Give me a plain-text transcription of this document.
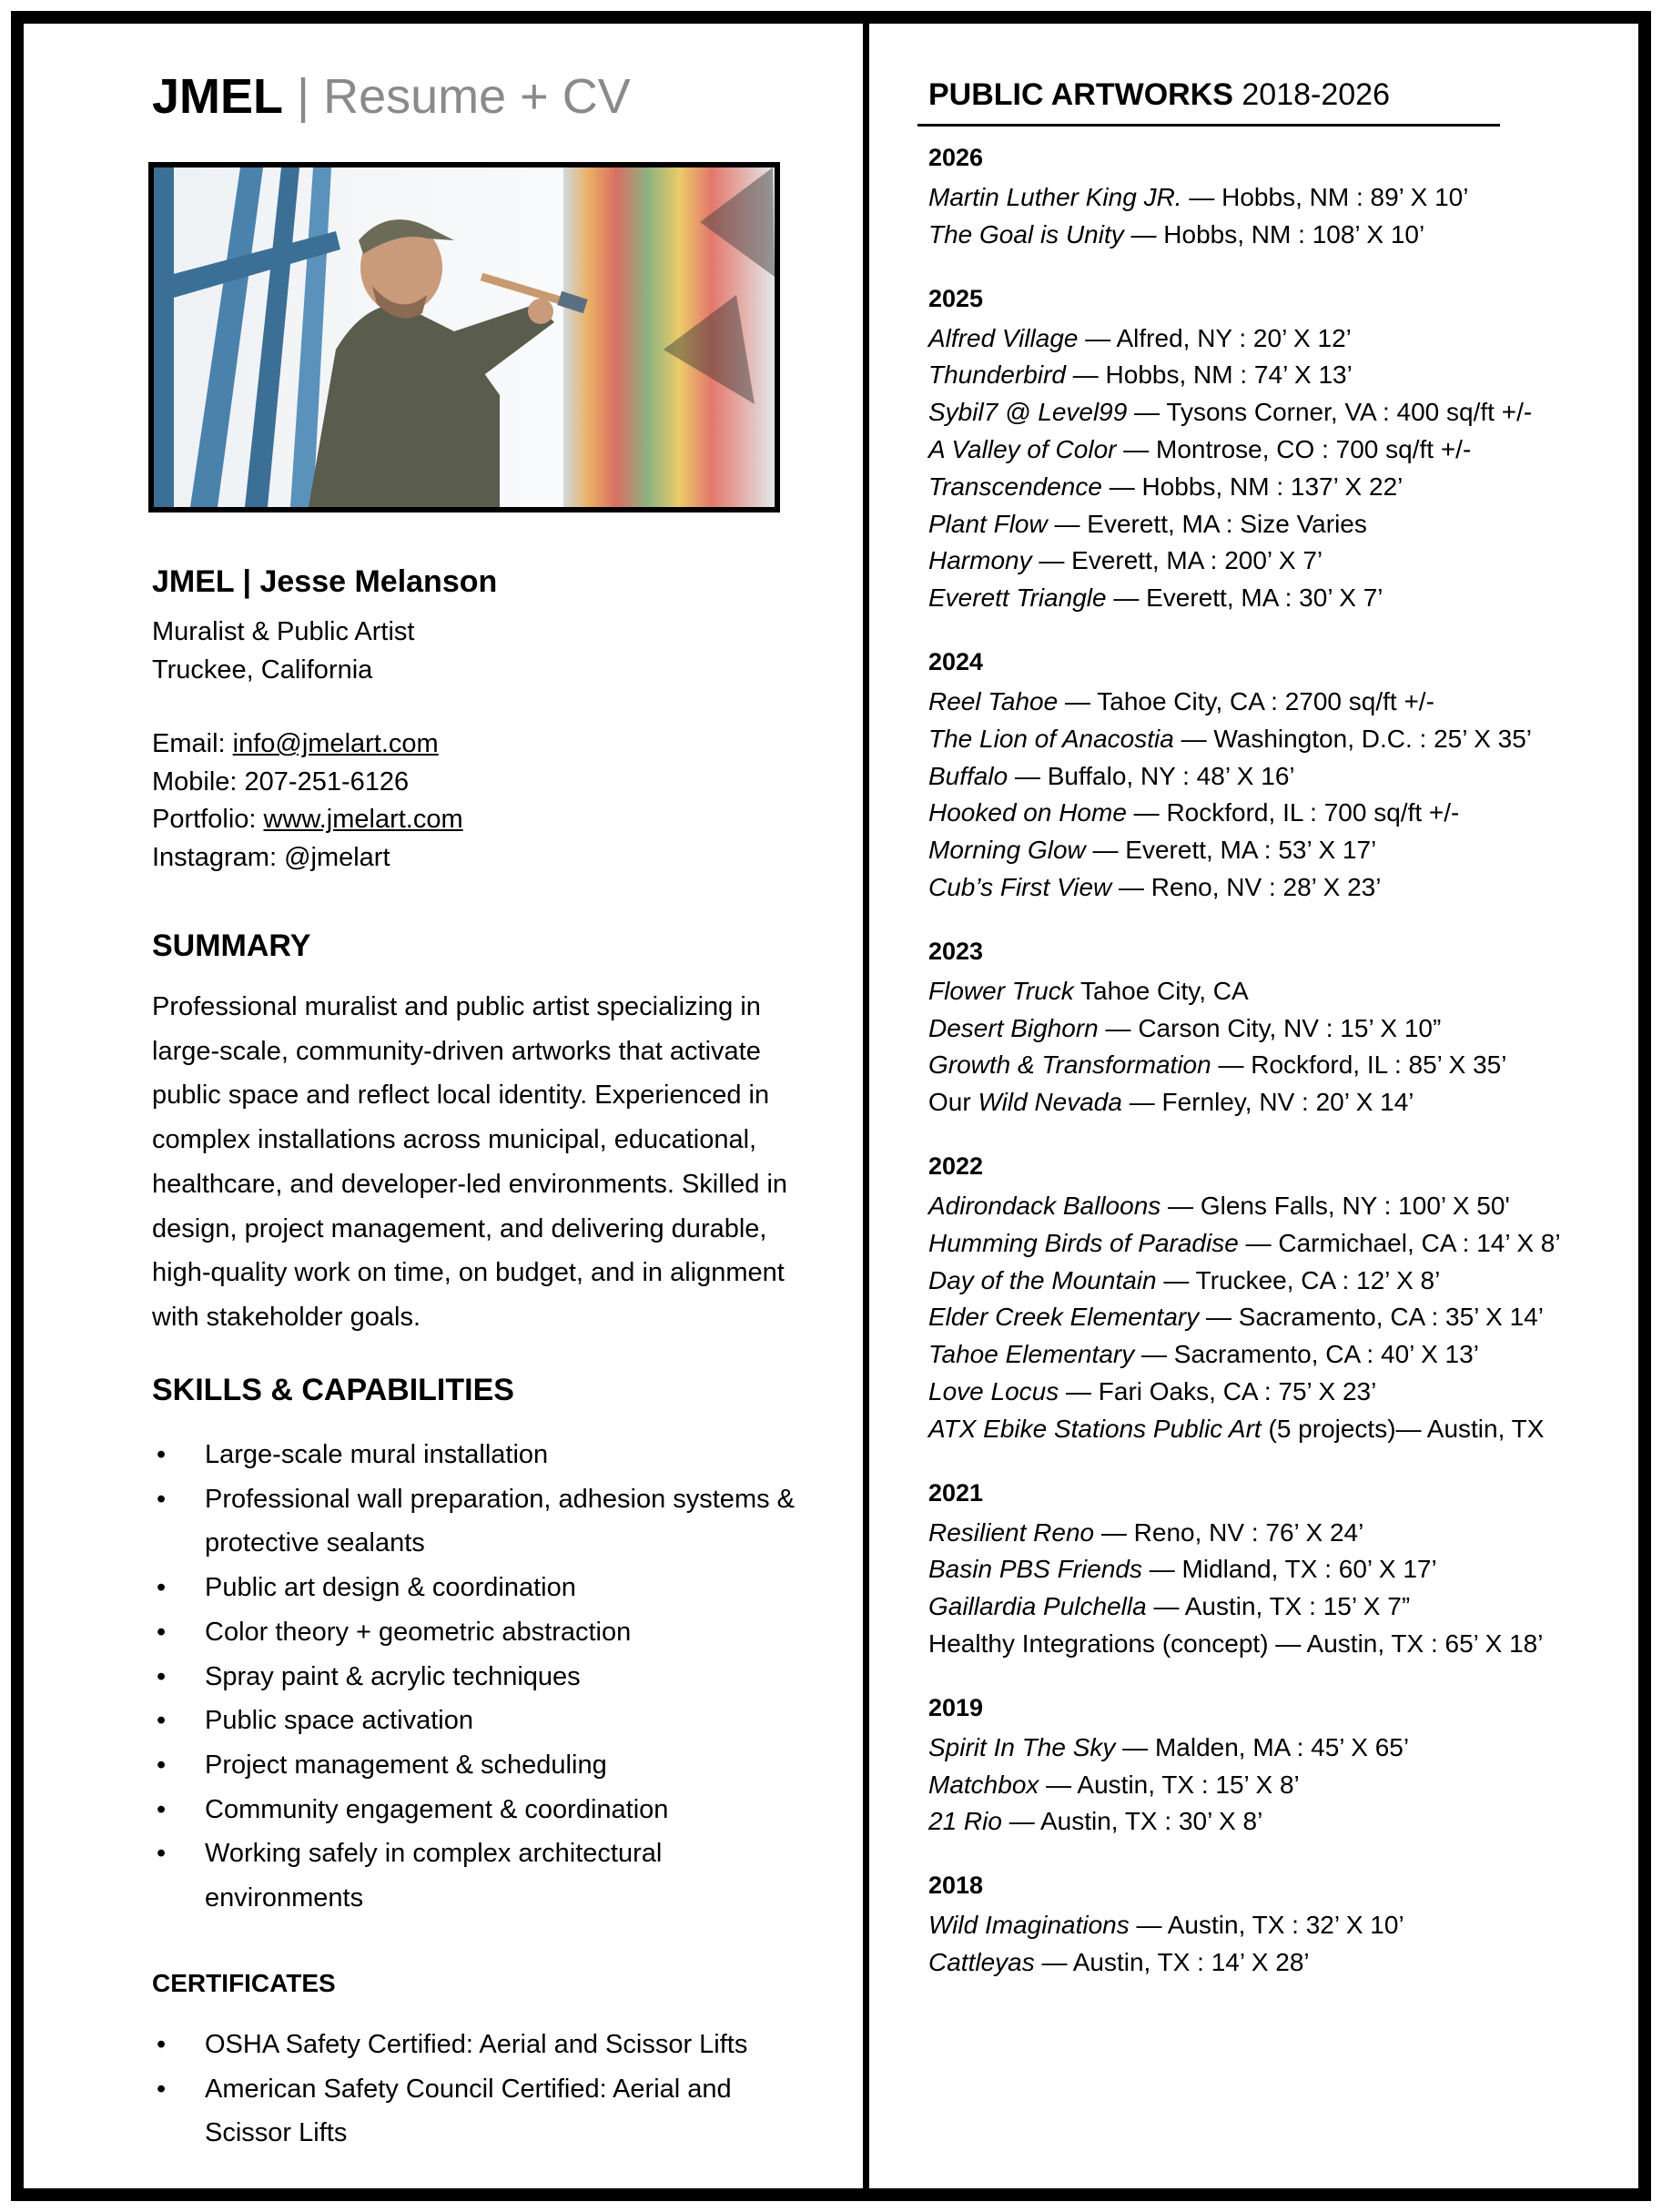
JMEL | Resume + CV
JMEL | Jesse Melanson
Muralist & Public Artist
Truckee, California
Email: info@jmelart.com
Mobile: 207-251-6126
Portfolio: www.jmelart.com
Instagram: @jmelart
SUMMARY
Professional muralist and public artist specializing in large-scale, community-driven artworks that activate public space and reflect local identity. Experienced in complex installations across municipal, educational, healthcare, and developer-led environments. Skilled in design, project management, and delivering durable, high-quality work on time, on budget, and in alignment with stakeholder goals.
SKILLS & CAPABILITIES
• Large-scale mural installation
• Professional wall preparation, adhesion systems & protective sealants
• Public art design & coordination
• Color theory + geometric abstraction
• Spray paint & acrylic techniques
• Public space activation
• Project management & scheduling
• Community engagement & coordination
• Working safely in complex architectural environments
CERTIFICATES
• OSHA Safety Certified: Aerial and Scissor Lifts
• American Safety Council Certified: Aerial and Scissor Lifts
PUBLIC ARTWORKS 2018-2026
2026
Martin Luther King JR. — Hobbs, NM : 89’ X 10’
The Goal is Unity — Hobbs, NM : 108’ X 10’
2025
Alfred Village — Alfred, NY : 20’ X 12’
Thunderbird — Hobbs, NM : 74’ X 13’
Sybil7 @ Level99 — Tysons Corner, VA : 400 sq/ft +/-
A Valley of Color — Montrose, CO : 700 sq/ft +/-
Transcendence — Hobbs, NM : 137’ X 22’
Plant Flow — Everett, MA : Size Varies
Harmony — Everett, MA : 200’ X 7’
Everett Triangle — Everett, MA : 30’ X 7’
2024
Reel Tahoe — Tahoe City, CA : 2700 sq/ft +/-
The Lion of Anacostia — Washington, D.C. : 25’ X 35’
Buffalo — Buffalo, NY : 48’ X 16’
Hooked on Home — Rockford, IL : 700 sq/ft +/-
Morning Glow — Everett, MA : 53’ X 17’
Cub’s First View — Reno, NV : 28’ X 23’
2023
Flower Truck Tahoe City, CA
Desert Bighorn — Carson City, NV : 15’ X 10”
Growth & Transformation — Rockford, IL : 85’ X 35’
Our Wild Nevada — Fernley, NV : 20’ X 14’
2022
Adirondack Balloons — Glens Falls, NY : 100’ X 50'
Humming Birds of Paradise — Carmichael, CA : 14’ X 8’
Day of the Mountain — Truckee, CA : 12’ X 8’
Elder Creek Elementary — Sacramento, CA : 35’ X 14’
Tahoe Elementary — Sacramento, CA : 40’ X 13’
Love Locus — Fari Oaks, CA : 75’ X 23’
ATX Ebike Stations Public Art (5 projects)— Austin, TX
2021
Resilient Reno — Reno, NV : 76’ X 24’
Basin PBS Friends — Midland, TX : 60’ X 17’
Gaillardia Pulchella — Austin, TX : 15’ X 7”
Healthy Integrations (concept) — Austin, TX : 65’ X 18’
2019
Spirit In The Sky — Malden, MA : 45’ X 65’
Matchbox — Austin, TX : 15’ X 8’
21 Rio — Austin, TX : 30’ X 8’
2018
Wild Imaginations — Austin, TX : 32’ X 10’
Cattleyas — Austin, TX : 14’ X 28’
